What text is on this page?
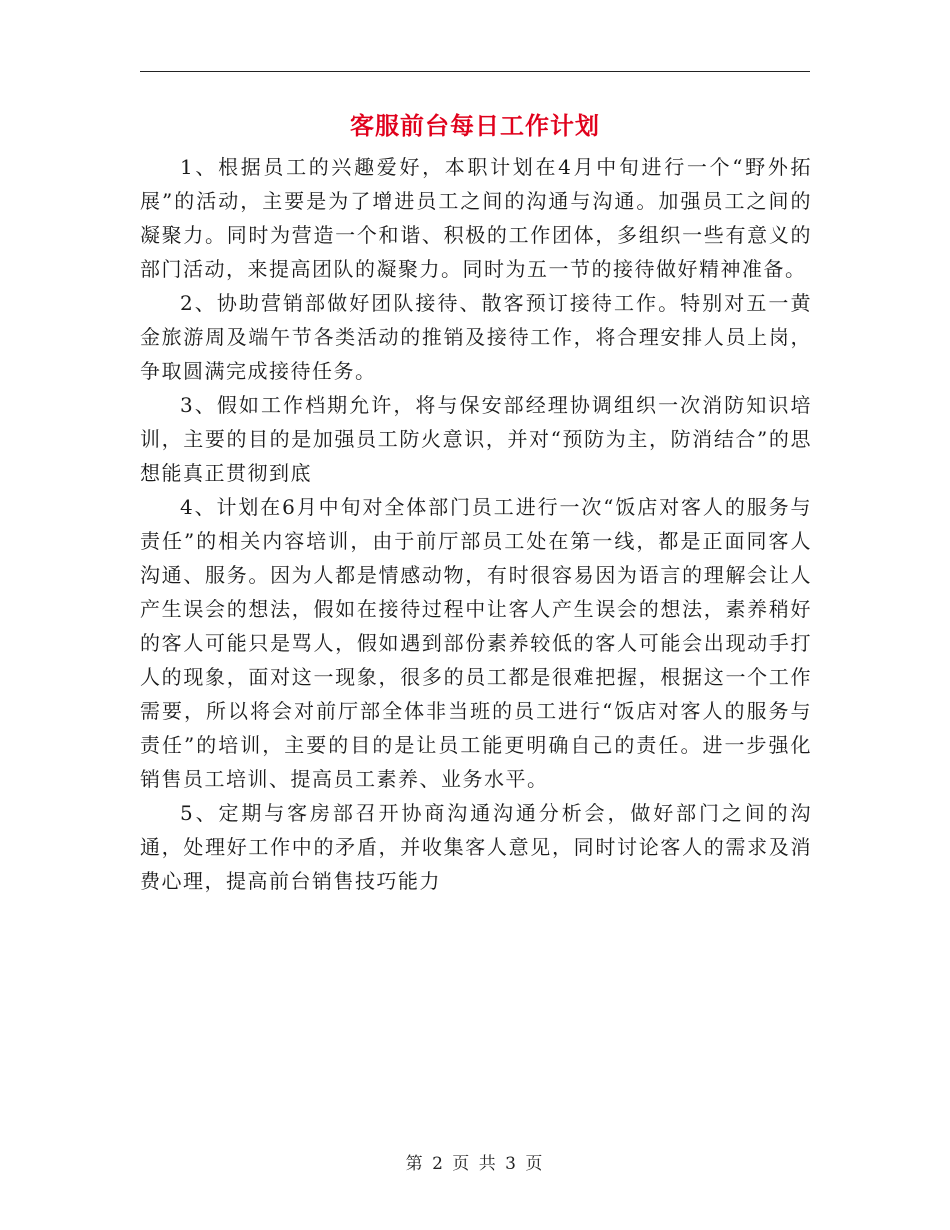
客服前台每日工作计划

1、根据员工的兴趣爱好，本职计划在4月中旬进行一个“野外拓展”的活动，主要是为了增进员工之间的沟通与沟通。加强员工之间的凝聚力。同时为营造一个和谐、积极的工作团体，多组织一些有意义的部门活动，来提高团队的凝聚力。同时为五一节的接待做好精神准备。

2、协助营销部做好团队接待、散客预订接待工作。特别对五一黄金旅游周及端午节各类活动的推销及接待工作，将合理安排人员上岗，争取圆满完成接待任务。

3、假如工作档期允许，将与保安部经理协调组织一次消防知识培训，主要的目的是加强员工防火意识，并对“预防为主，防消结合”的思想能真正贯彻到底

4、计划在6月中旬对全体部门员工进行一次“饭店对客人的服务与责任”的相关内容培训，由于前厅部员工处在第一线，都是正面同客人沟通、服务。因为人都是情感动物，有时很容易因为语言的理解会让人产生误会的想法，假如在接待过程中让客人产生误会的想法，素养稍好的客人可能只是骂人，假如遇到部份素养较低的客人可能会出现动手打人的现象，面对这一现象，很多的员工都是很难把握，根据这一个工作需要，所以将会对前厅部全体非当班的员工进行“饭店对客人的服务与责任”的培训，主要的目的是让员工能更明确自己的责任。进一步强化销售员工培训、提高员工素养、业务水平。

5、定期与客房部召开协商沟通沟通分析会，做好部门之间的沟通，处理好工作中的矛盾，并收集客人意见，同时讨论客人的需求及消费心理，提高前台销售技巧能力

第 2 页 共 3 页
